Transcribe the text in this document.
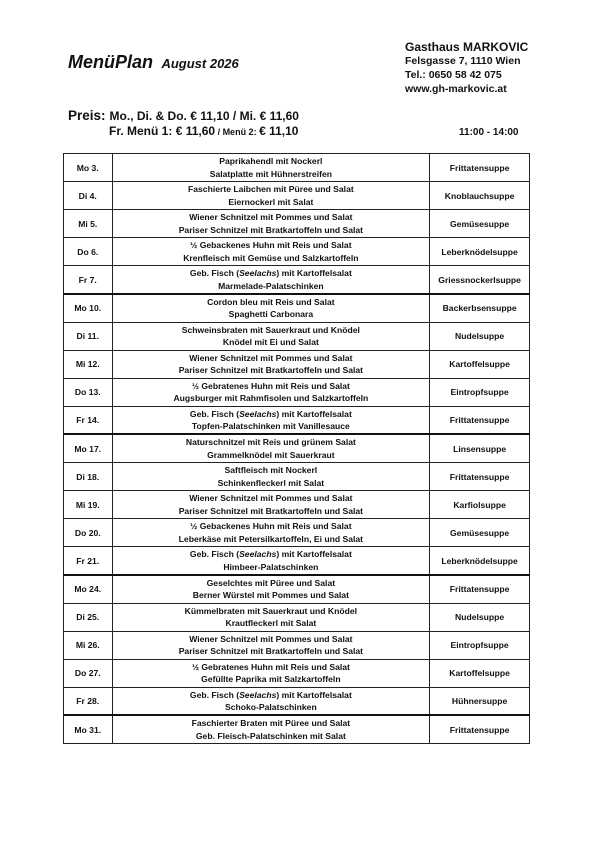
MenüPlan August 2026
Gasthaus MARKOVIC
Felsgasse 7, 1110 Wien
Tel.: 0650 58 42 075
www.gh-markovic.at
Preis: Mo., Di. & Do. € 11,10 / Mi. € 11,60
Fr. Menü 1: € 11,60 / Menü 2: € 11,10	11:00 - 14:00
Mo 3.	Paprikahendl mit Nockerl
Salatplatte mit Hühnerstreifen	Frittatensuppe
Di 4.	Faschierte Laibchen mit Püree und Salat
Eiernockerl mit Salat	Knoblauchsuppe
Mi 5.	Wiener Schnitzel mit Pommes und Salat
Pariser Schnitzel mit Bratkartoffeln und Salat	Gemüsesuppe
Do 6.	½ Gebackenes Huhn mit Reis und Salat
Krenfleisch mit Gemüse und Salzkartoffeln	Leberknödelsuppe
Fr 7.	Geb. Fisch (Seelachs) mit Kartoffelsalat
Marmelade-Palatschinken	Griessnockerlsuppe
Mo 10.	Cordon bleu mit Reis und Salat
Spaghetti Carbonara	Backerbsensuppe
Di 11.	Schweinsbraten mit Sauerkraut und Knödel
Knödel mit Ei und Salat	Nudelsuppe
Mi 12.	Wiener Schnitzel mit Pommes und Salat
Pariser Schnitzel mit Bratkartoffeln und Salat	Kartoffelsuppe
Do 13.	½ Gebratenes Huhn mit Reis und Salat
Augsburger mit Rahmfisolen und Salzkartoffeln	Eintropfsuppe
Fr 14.	Geb. Fisch (Seelachs) mit Kartoffelsalat
Topfen-Palatschinken mit Vanillesauce	Frittatensuppe
Mo 17.	Naturschnitzel mit Reis und grünem Salat
Grammelknödel mit Sauerkraut	Linsensuppe
Di 18.	Saftfleisch mit Nockerl
Schinkenfleckerl mit Salat	Frittatensuppe
Mi 19.	Wiener Schnitzel mit Pommes und Salat
Pariser Schnitzel mit Bratkartoffeln und Salat	Karfiolsuppe
Do 20.	½ Gebackenes Huhn mit Reis und Salat
Leberkäse mit Petersilkartoffeln, Ei und Salat	Gemüsesuppe
Fr 21.	Geb. Fisch (Seelachs) mit Kartoffelsalat
Himbeer-Palatschinken	Leberknödelsuppe
Mo 24.	Geselchtes mit Püree und Salat
Berner Würstel mit Pommes und Salat	Frittatensuppe
Di 25.	Kümmelbraten mit Sauerkraut und Knödel
Krautfleckerl mit Salat	Nudelsuppe
Mi 26.	Wiener Schnitzel mit Pommes und Salat
Pariser Schnitzel mit Bratkartoffeln und Salat	Eintropfsuppe
Do 27.	½ Gebratenes Huhn mit Reis und Salat
Gefüllte Paprika mit Salzkartoffeln	Kartoffelsuppe
Fr 28.	Geb. Fisch (Seelachs) mit Kartoffelsalat
Schoko-Palatschinken	Hühnersuppe
Mo 31.	Faschierter Braten mit Püree und Salat
Geb. Fleisch-Palatschinken mit Salat	Frittatensuppe
